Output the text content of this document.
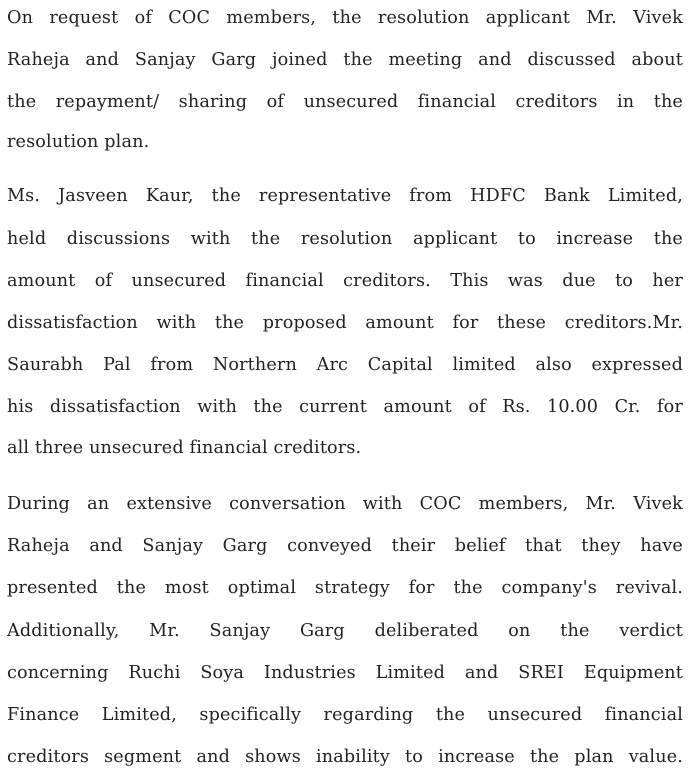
On request of COC members, the resolution applicant Mr. Vivek
Raheja and Sanjay Garg joined the meeting and discussed about
the repayment/ sharing of unsecured financial creditors in the
resolution plan.
Ms. Jasveen Kaur, the representative from HDFC Bank Limited,
held discussions with the resolution applicant to increase the
amount of unsecured financial creditors. This was due to her
dissatisfaction with the proposed amount for these creditors.Mr.
Saurabh Pal from Northern Arc Capital limited also expressed
his dissatisfaction with the current amount of Rs. 10.00 Cr. for
all three unsecured financial creditors.
During an extensive conversation with COC members, Mr. Vivek
Raheja and Sanjay Garg conveyed their belief that they have
presented the most optimal strategy for the company's revival.
Additionally, Mr. Sanjay Garg deliberated on the verdict
concerning Ruchi Soya Industries Limited and SREI Equipment
Finance Limited, specifically regarding the unsecured financial
creditors segment and shows inability to increase the plan value.
